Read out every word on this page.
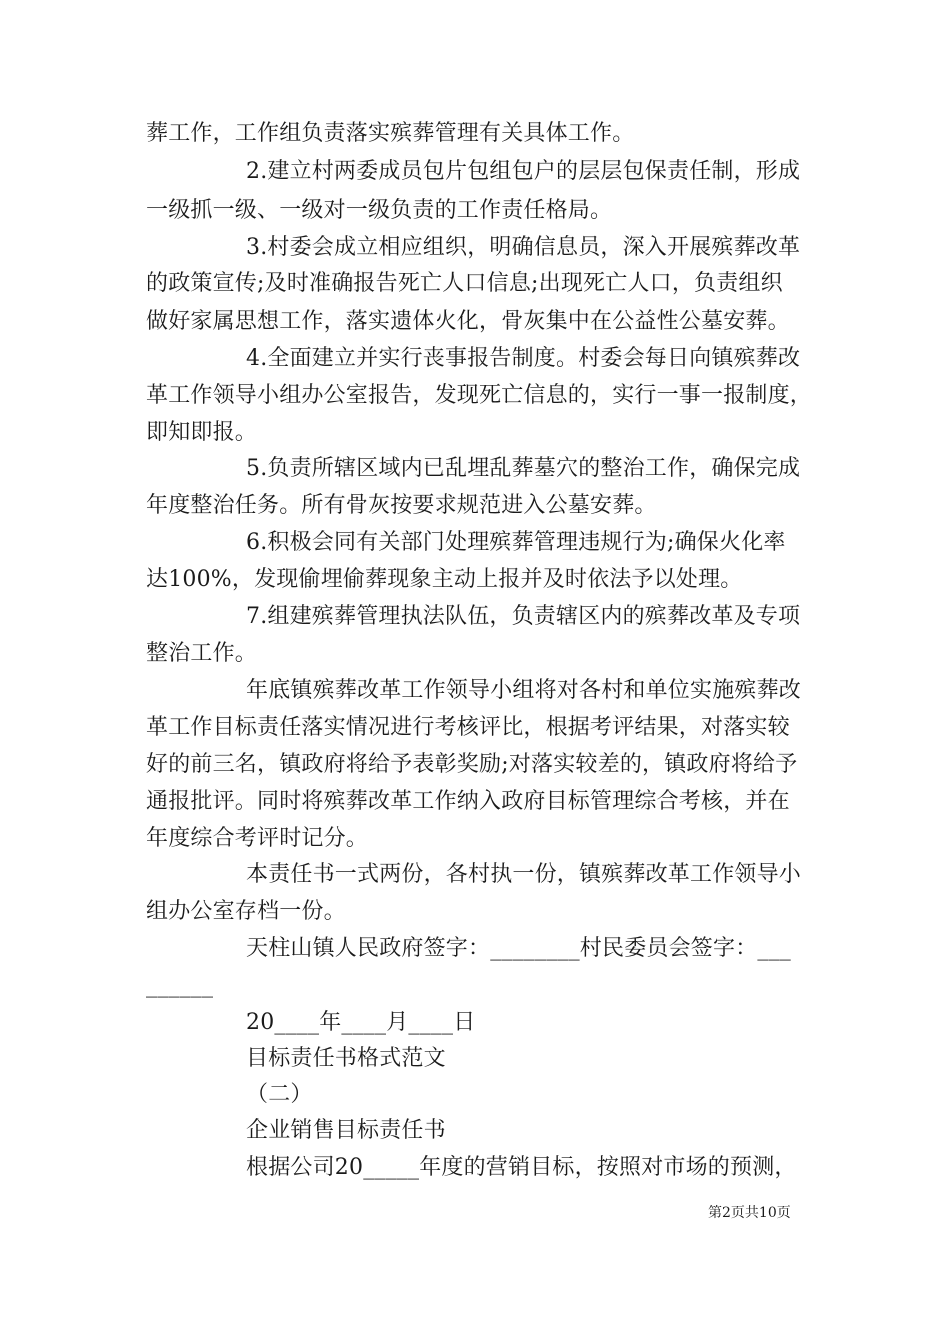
葬工作，工作组负责落实殡葬管理有关具体工作。
2.建立村两委成员包片包组包户的层层包保责任制，形成
一级抓一级、一级对一级负责的工作责任格局。
3.村委会成立相应组织，明确信息员，深入开展殡葬改革
的政策宣传;及时准确报告死亡人口信息;出现死亡人口，负责组织
做好家属思想工作，落实遗体火化，骨灰集中在公益性公墓安葬。
4.全面建立并实行丧事报告制度。村委会每日向镇殡葬改
革工作领导小组办公室报告，发现死亡信息的，实行一事一报制度，
即知即报。
5.负责所辖区域内已乱埋乱葬墓穴的整治工作，确保完成
年度整治任务。所有骨灰按要求规范进入公墓安葬。
6.积极会同有关部门处理殡葬管理违规行为;确保火化率
达100%，发现偷埋偷葬现象主动上报并及时依法予以处理。
7.组建殡葬管理执法队伍，负责辖区内的殡葬改革及专项
整治工作。
年底镇殡葬改革工作领导小组将对各村和单位实施殡葬改
革工作目标责任落实情况进行考核评比，根据考评结果，对落实较
好的前三名，镇政府将给予表彰奖励;对落实较差的，镇政府将给予
通报批评。同时将殡葬改革工作纳入政府目标管理综合考核，并在
年度综合考评时记分。
本责任书一式两份，各村执一份，镇殡葬改革工作领导小
组办公室存档一份。
天柱山镇人民政府签字：________村民委员会签字：___
______
20____年____月____日
目标责任书格式范文
（二）
企业销售目标责任书
根据公司20_____年度的营销目标，按照对市场的预测，
第2页共10页
